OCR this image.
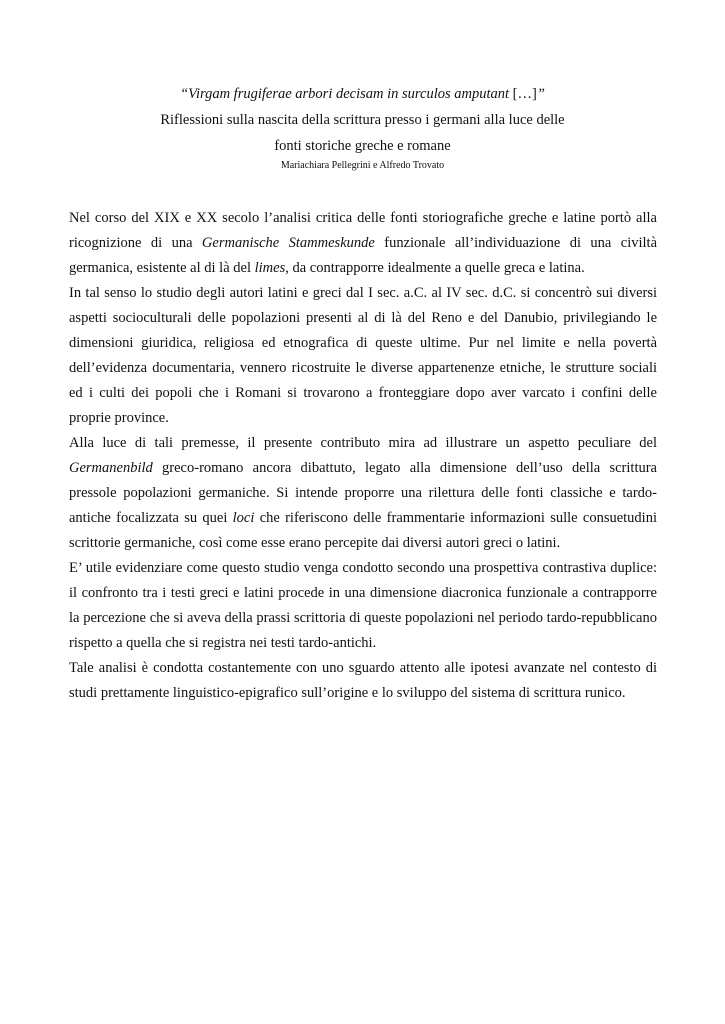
“Virgam frugiferae arbori decisam in surculos amputant […]”
Riflessioni sulla nascita della scrittura presso i germani alla luce delle
fonti storiche greche e romane
Mariachiara Pellegrini e Alfredo Trovato

Nel corso del XIX e XX secolo l’analisi critica delle fonti storiografiche greche e latine portò alla ricognizione di una Germanische Stammeskunde funzionale all’individuazione di una civiltà germanica, esistente al di là del limes, da contrapporre idealmente a quelle greca e latina.

In tal senso lo studio degli autori latini e greci dal I sec. a.C. al IV sec. d.C. si concentrò sui diversi aspetti socioculturali delle popolazioni presenti al di là del Reno e del Danubio, privilegiando le dimensioni giuridica, religiosa ed etnografica di queste ultime. Pur nel limite e nella povertà dell’evidenza documentaria, vennero ricostruite le diverse appartenenze etniche, le strutture sociali ed i culti dei popoli che i Romani si trovarono a fronteggiare dopo aver varcato i confini delle proprie province.

Alla luce di tali premesse, il presente contributo mira ad illustrare un aspetto peculiare del Germanenbild greco-romano ancora dibattuto, legato alla dimensione dell’uso della scrittura pressole popolazioni germaniche. Si intende proporre una rilettura delle fonti classiche e tardo-antiche focalizzata su quei loci che riferiscono delle frammentarie informazioni sulle consuetudini scrittorie germaniche, così come esse erano percepite dai diversi autori greci o latini.

E’ utile evidenziare come questo studio venga condotto secondo una prospettiva contrastiva duplice: il confronto tra i testi greci e latini procede in una dimensione diacronica funzionale a contrapporre la percezione che si aveva della prassi scrittoria di queste popolazioni nel periodo tardo-repubblicano rispetto a quella che si registra nei testi tardo-antichi.

Tale analisi è condotta costantemente con uno sguardo attento alle ipotesi avanzate nel contesto di studi prettamente linguistico-epigrafico sull’origine e lo sviluppo del sistema di scrittura runico.
